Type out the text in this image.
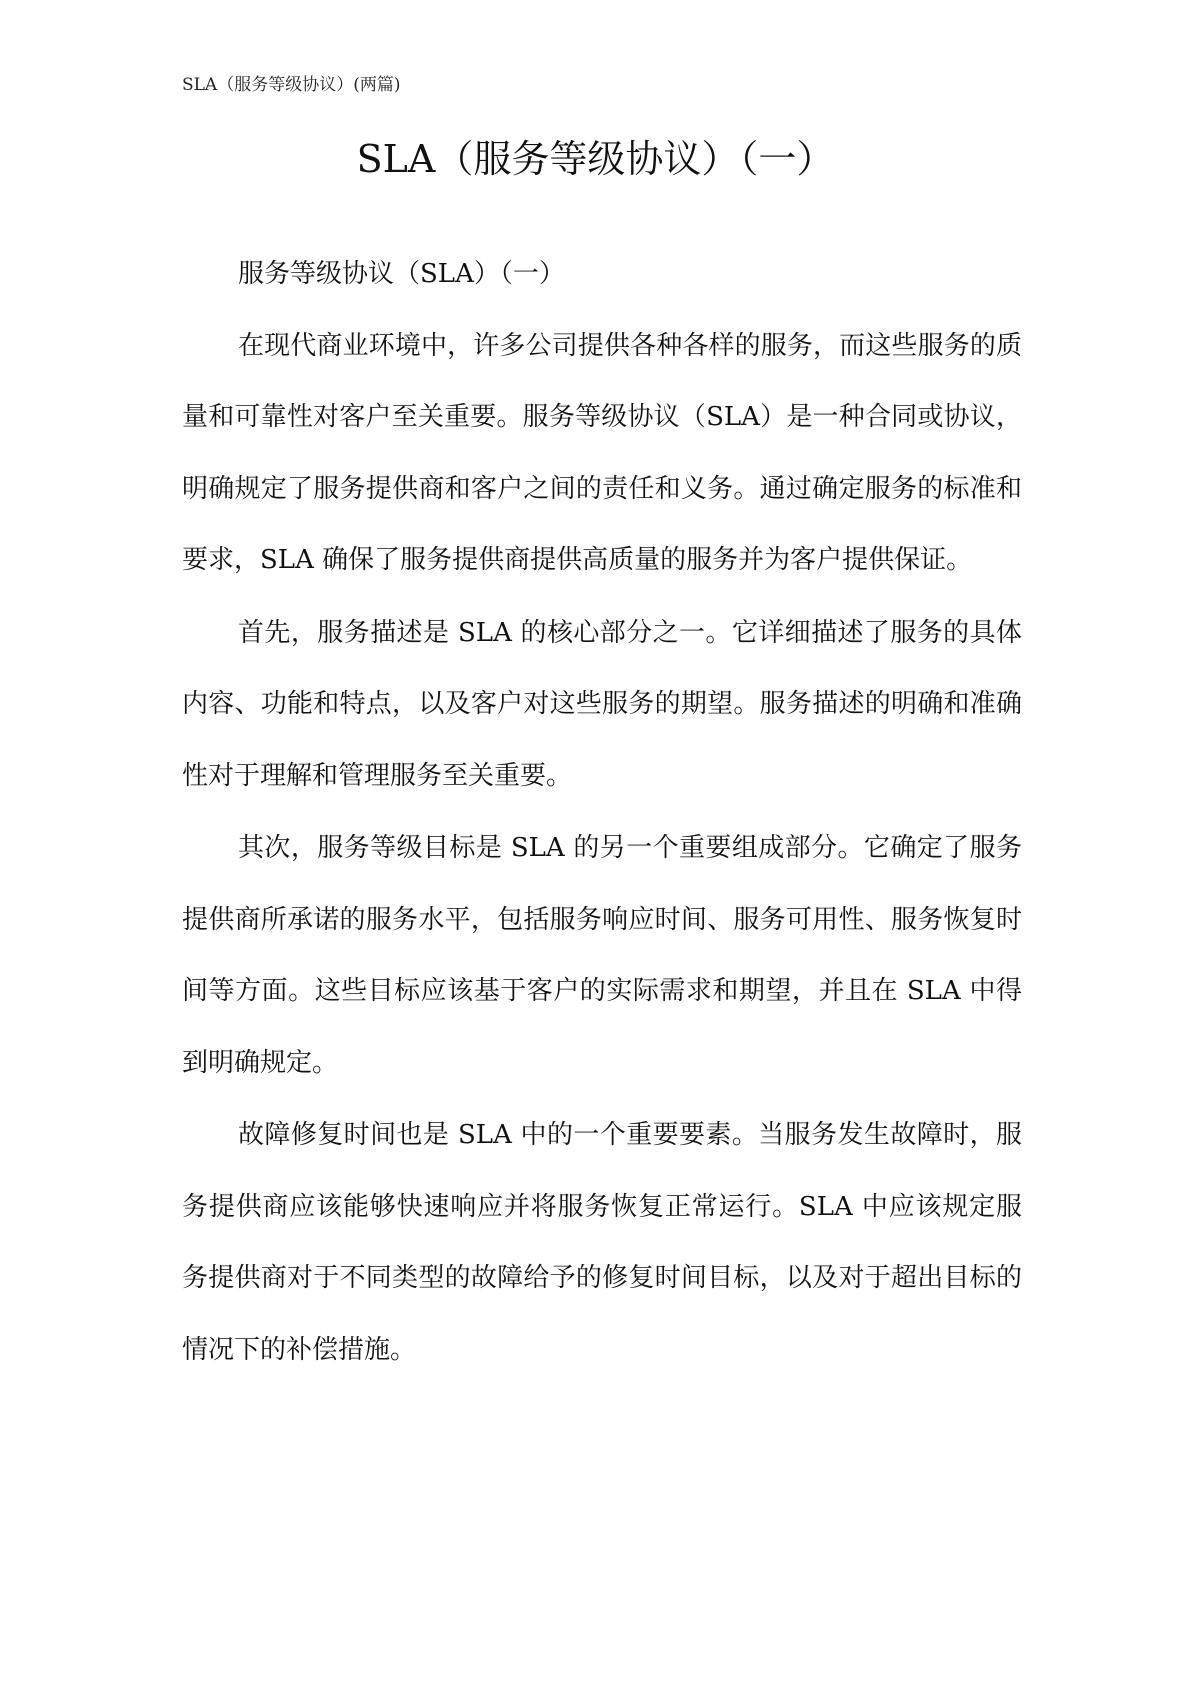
SLA（服务等级协议）(两篇)
SLA（服务等级协议）（一）

服务等级协议（SLA）（一）

在现代商业环境中，许多公司提供各种各样的服务，而这些服务的质量和可靠性对客户至关重要。服务等级协议（SLA）是一种合同或协议，明确规定了服务提供商和客户之间的责任和义务。通过确定服务的标准和要求，SLA 确保了服务提供商提供高质量的服务并为客户提供保证。

首先，服务描述是 SLA 的核心部分之一。它详细描述了服务的具体内容、功能和特点，以及客户对这些服务的期望。服务描述的明确和准确性对于理解和管理服务至关重要。

其次，服务等级目标是 SLA 的另一个重要组成部分。它确定了服务提供商所承诺的服务水平，包括服务响应时间、服务可用性、服务恢复时间等方面。这些目标应该基于客户的实际需求和期望，并且在 SLA 中得到明确规定。

故障修复时间也是 SLA 中的一个重要要素。当服务发生故障时，服务提供商应该能够快速响应并将服务恢复正常运行。SLA 中应该规定服务提供商对于不同类型的故障给予的修复时间目标，以及对于超出目标的情况下的补偿措施。
